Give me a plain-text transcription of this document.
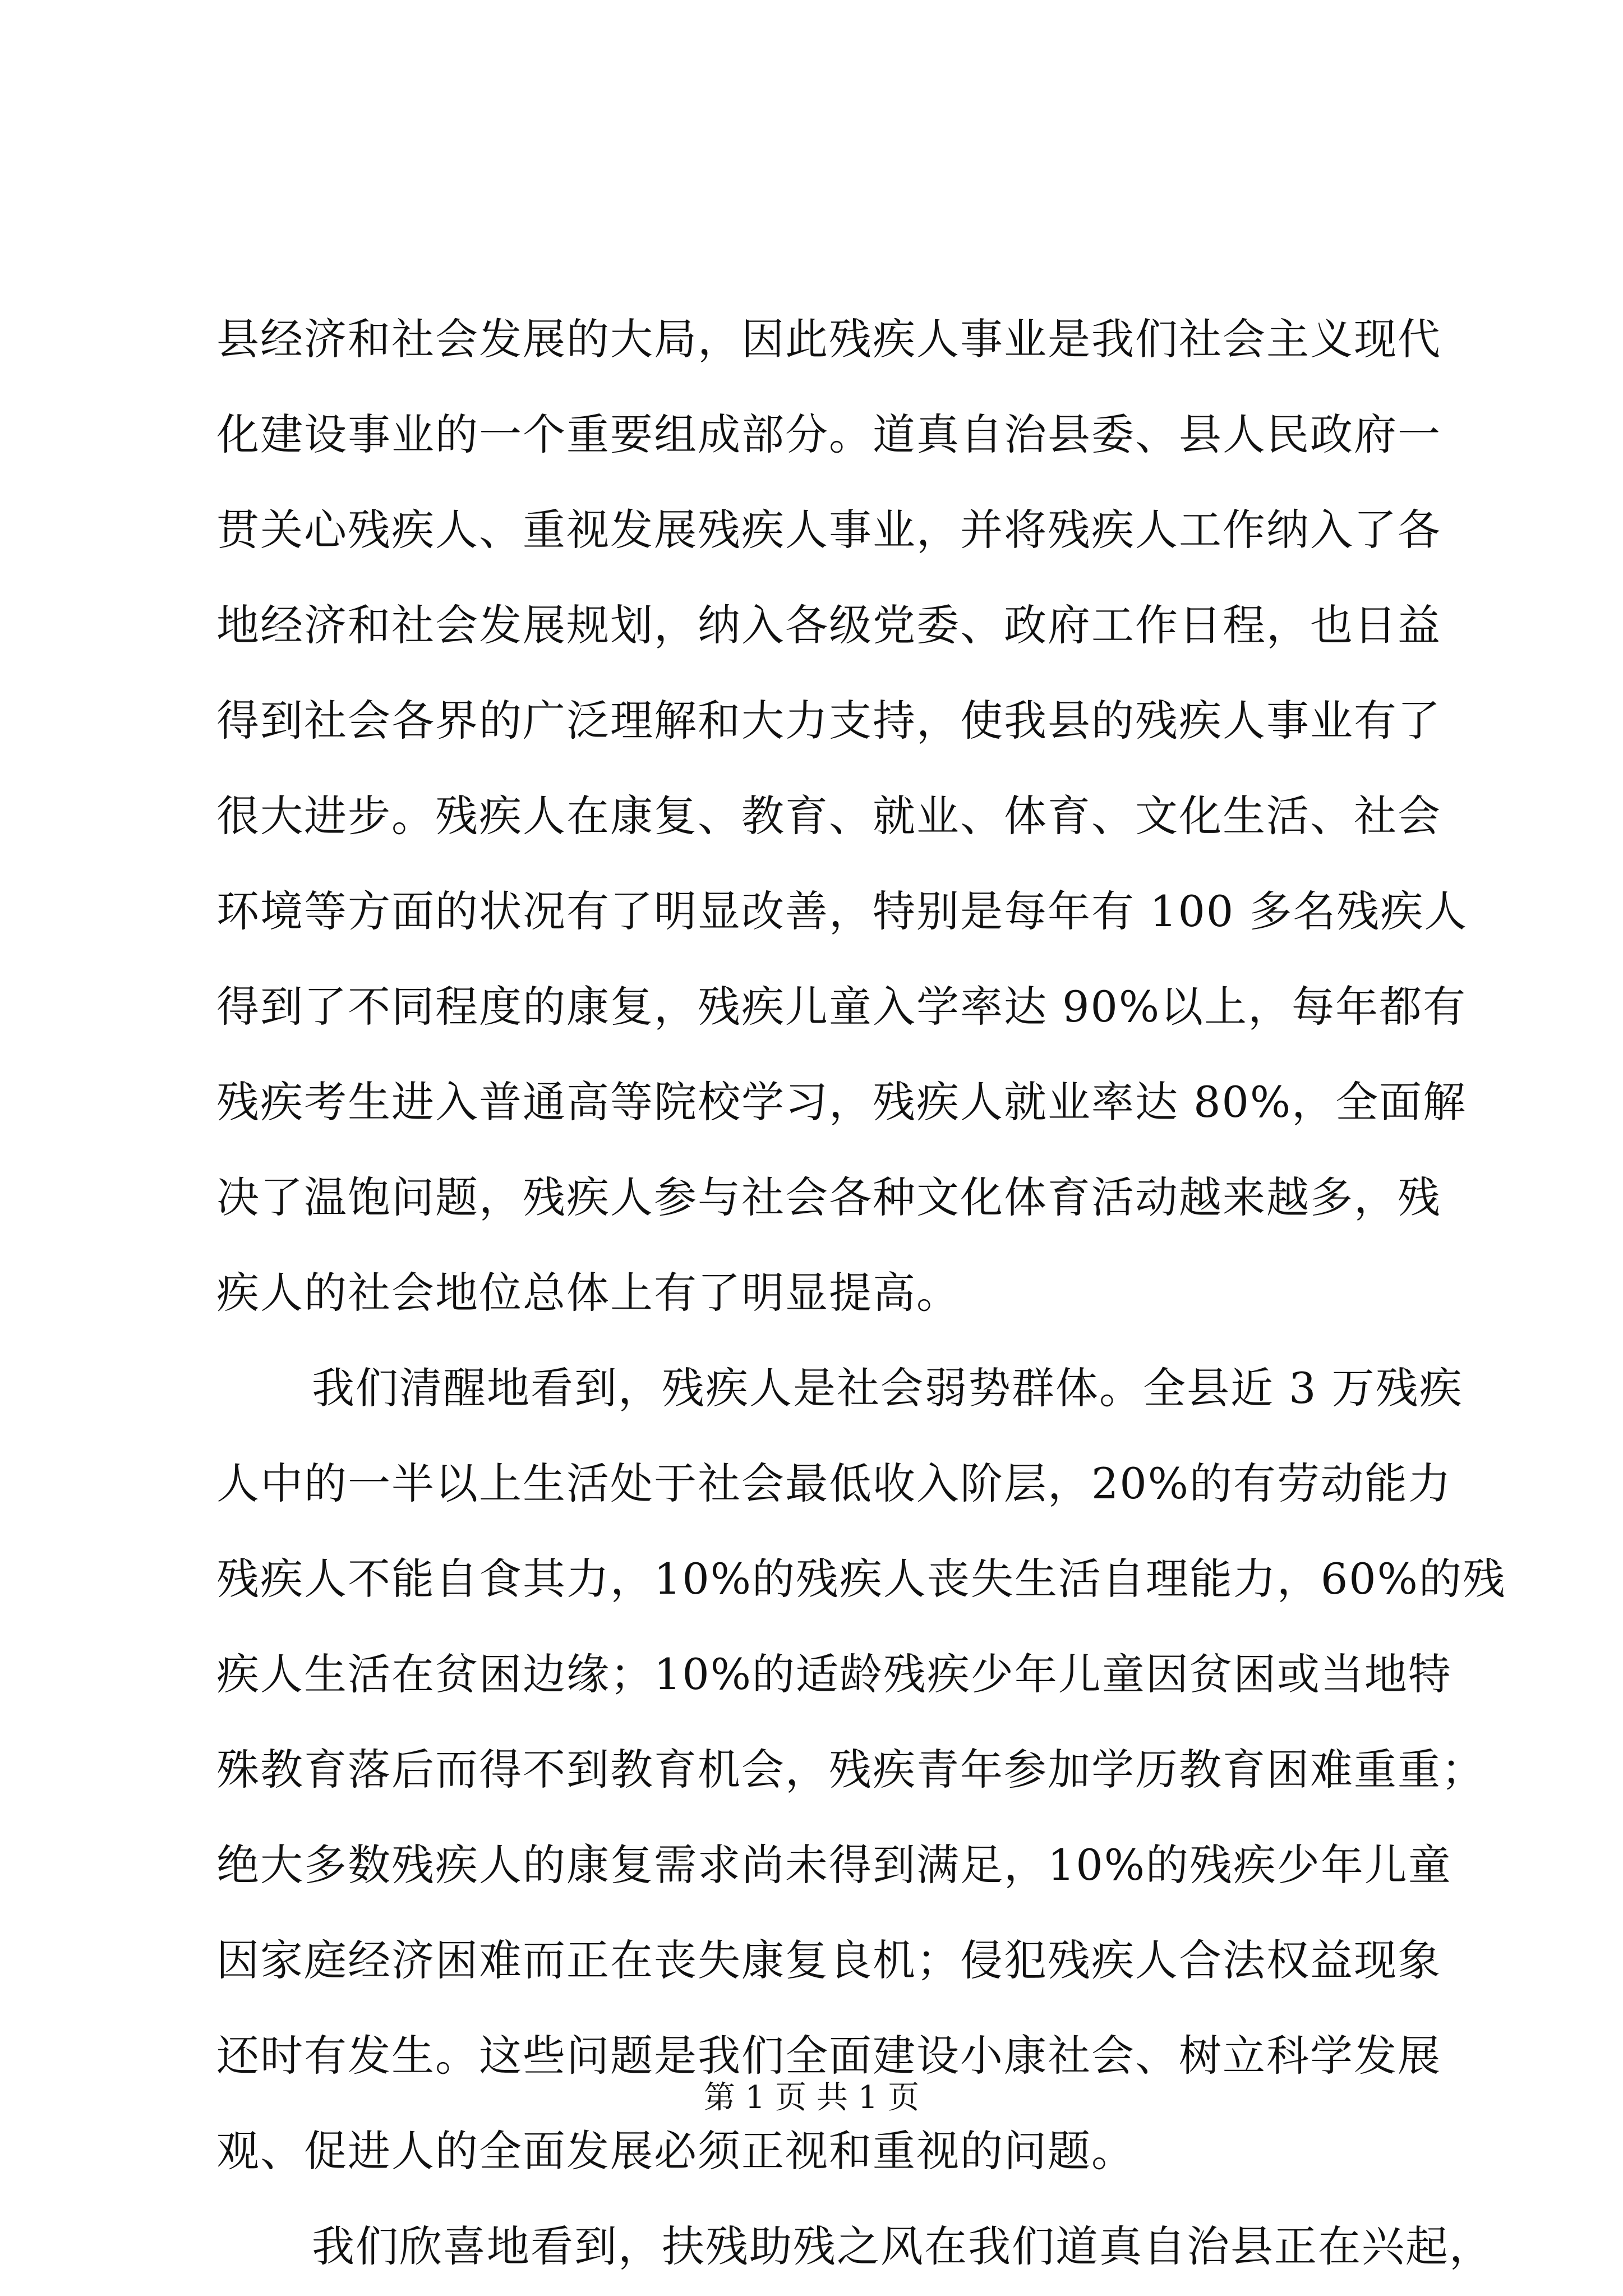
县经济和社会发展的大局，因此残疾人事业是我们社会主义现代
化建设事业的一个重要组成部分。道真自治县委、县人民政府一
贯关心残疾人、重视发展残疾人事业，并将残疾人工作纳入了各
地经济和社会发展规划，纳入各级党委、政府工作日程，也日益
得到社会各界的广泛理解和大力支持，使我县的残疾人事业有了
很大进步。残疾人在康复、教育、就业、体育、文化生活、社会
环境等方面的状况有了明显改善，特别是每年有 100 多名残疾人
得到了不同程度的康复，残疾儿童入学率达 90%以上，每年都有
残疾考生进入普通高等院校学习，残疾人就业率达 80%，全面解
决了温饱问题，残疾人参与社会各种文化体育活动越来越多，残
疾人的社会地位总体上有了明显提高。
我们清醒地看到，残疾人是社会弱势群体。全县近 3 万残疾
人中的一半以上生活处于社会最低收入阶层，20%的有劳动能力
残疾人不能自食其力，10%的残疾人丧失生活自理能力，60%的残
疾人生活在贫困边缘；10%的适龄残疾少年儿童因贫困或当地特
殊教育落后而得不到教育机会，残疾青年参加学历教育困难重重；
绝大多数残疾人的康复需求尚未得到满足，10%的残疾少年儿童
因家庭经济困难而正在丧失康复良机；侵犯残疾人合法权益现象
还时有发生。这些问题是我们全面建设小康社会、树立科学发展
观、促进人的全面发展必须正视和重视的问题。
我们欣喜地看到，扶残助残之风在我们道真自治县正在兴起，
第 1 页 共 1 页
